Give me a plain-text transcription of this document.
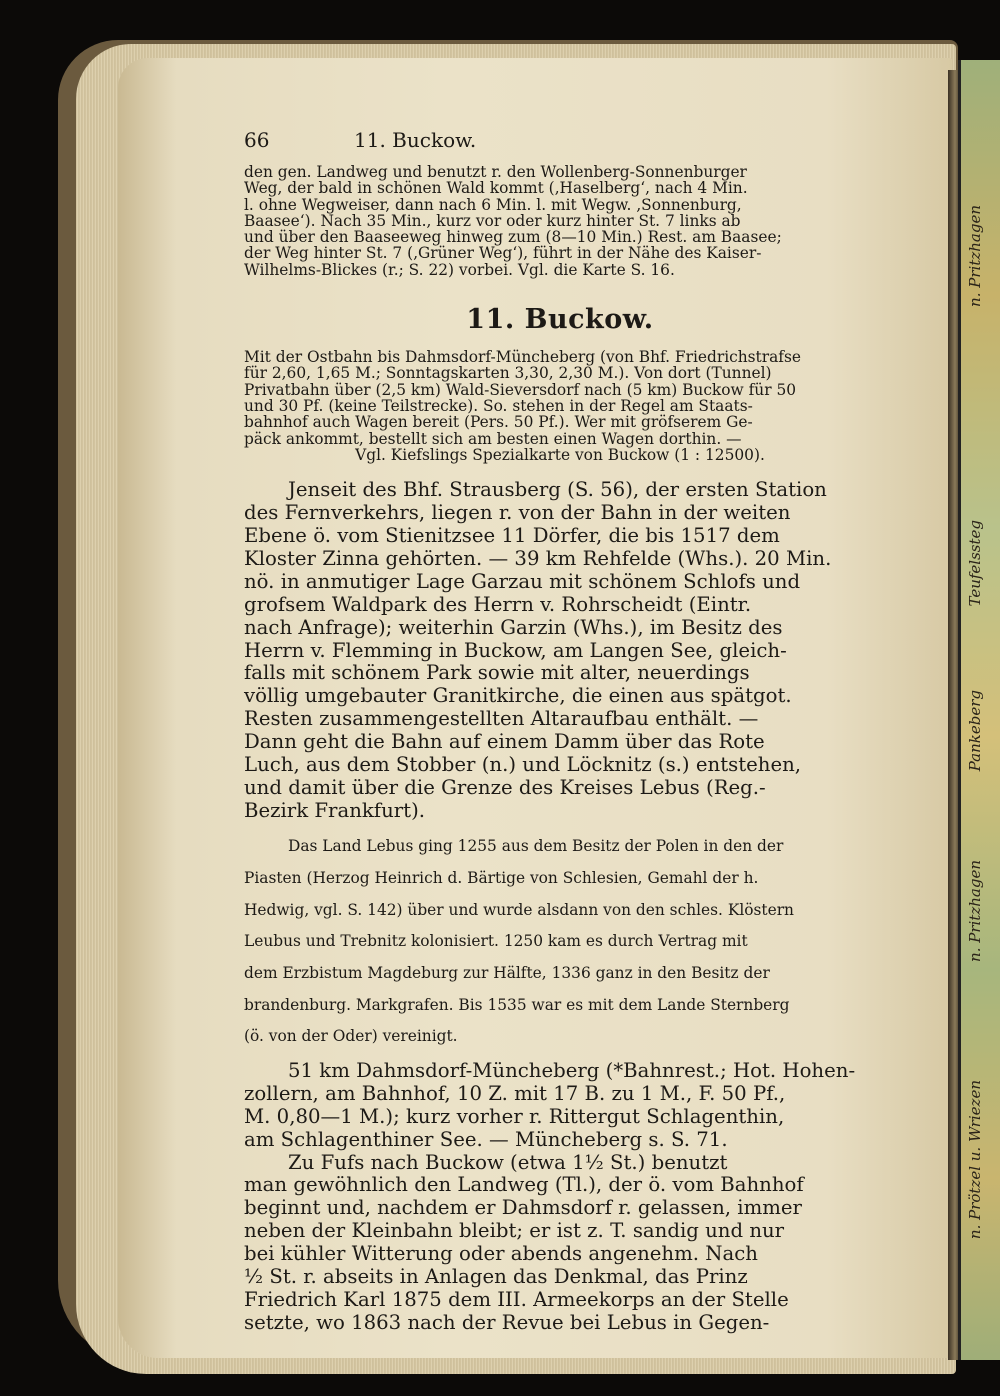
n. Pritzhagen
Teufelssteg
Pankeberg
n. Pritzhagen
n. Prötzel u. Wriezen
66	11. Buckow.

den gen. Landweg und benutzt r. den Wollenberg-Sonnenburger

Weg, der bald in schönen Wald kommt (‚Haselberg‘, nach 4 Min.

l. ohne Wegweiser, dann nach 6 Min. l. mit Wegw. ‚Sonnenburg,

Baasee‘). Nach 35 Min., kurz vor oder kurz hinter St. 7 links ab

und über den Baaseeweg hinweg zum (8—10 Min.) Rest. am Baasee;

der Weg hinter St. 7 (‚Grüner Weg‘), führt in der Nähe des Kaiser-

Wilhelms-Blickes (r.; S. 22) vorbei. Vgl. die Karte S. 16.

11. Buckow.

Mit der Ostbahn bis Dahmsdorf-Müncheberg (von Bhf. Friedrichstrafse

für 2,60, 1,65 M.; Sonntagskarten 3,30, 2,30 M.). Von dort (Tunnel)

Privatbahn über (2,5 km) Wald-Sieversdorf nach (5 km) Buckow für 50

und 30 Pf. (keine Teilstrecke). So. stehen in der Regel am Staats-

bahnhof auch Wagen bereit (Pers. 50 Pf.). Wer mit gröfserem Ge-

päck ankommt, bestellt sich am besten einen Wagen dorthin. —

Vgl. Kiefslings Spezialkarte von Buckow (1 : 12500).

Jenseit des Bhf. Strausberg (S. 56), der ersten Station

des Fernverkehrs, liegen r. von der Bahn in der weiten

Ebene ö. vom Stienitzsee 11 Dörfer, die bis 1517 dem

Kloster Zinna gehörten. — 39 km Rehfelde (Whs.). 20 Min.

nö. in anmutiger Lage Garzau mit schönem Schlofs und

grofsem Waldpark des Herrn v. Rohrscheidt (Eintr.

nach Anfrage); weiterhin Garzin (Whs.), im Besitz des

Herrn v. Flemming in Buckow, am Langen See, gleich-

falls mit schönem Park sowie mit alter, neuerdings

völlig umgebauter Granitkirche, die einen aus spätgot.

Resten zusammengestellten Altaraufbau enthält. —

Dann geht die Bahn auf einem Damm über das Rote

Luch, aus dem Stobber (n.) und Löcknitz (s.) entstehen,

und damit über die Grenze des Kreises Lebus (Reg.-

Bezirk Frankfurt).

Das Land Lebus ging 1255 aus dem Besitz der Polen in den der

Piasten (Herzog Heinrich d. Bärtige von Schlesien, Gemahl der h.

Hedwig, vgl. S. 142) über und wurde alsdann von den schles. Klöstern

Leubus und Trebnitz kolonisiert. 1250 kam es durch Vertrag mit

dem Erzbistum Magdeburg zur Hälfte, 1336 ganz in den Besitz der

brandenburg. Markgrafen. Bis 1535 war es mit dem Lande Sternberg

(ö. von der Oder) vereinigt.

51 km Dahmsdorf-Müncheberg (*Bahnrest.; Hot. Hohen-

zollern, am Bahnhof, 10 Z. mit 17 B. zu 1 M., F. 50 Pf.,

M. 0,80—1 M.); kurz vorher r. Rittergut Schlagenthin,

am Schlagenthiner See. — Müncheberg s. S. 71.

Zu Fufs nach Buckow (etwa 1½ St.) benutzt

man gewöhnlich den Landweg (Tl.), der ö. vom Bahnhof

beginnt und, nachdem er Dahmsdorf r. gelassen, immer

neben der Kleinbahn bleibt; er ist z. T. sandig und nur

bei kühler Witterung oder abends angenehm. Nach

½ St. r. abseits in Anlagen das Denkmal, das Prinz

Friedrich Karl 1875 dem III. Armeekorps an der Stelle

setzte, wo 1863 nach der Revue bei Lebus in Gegen-
